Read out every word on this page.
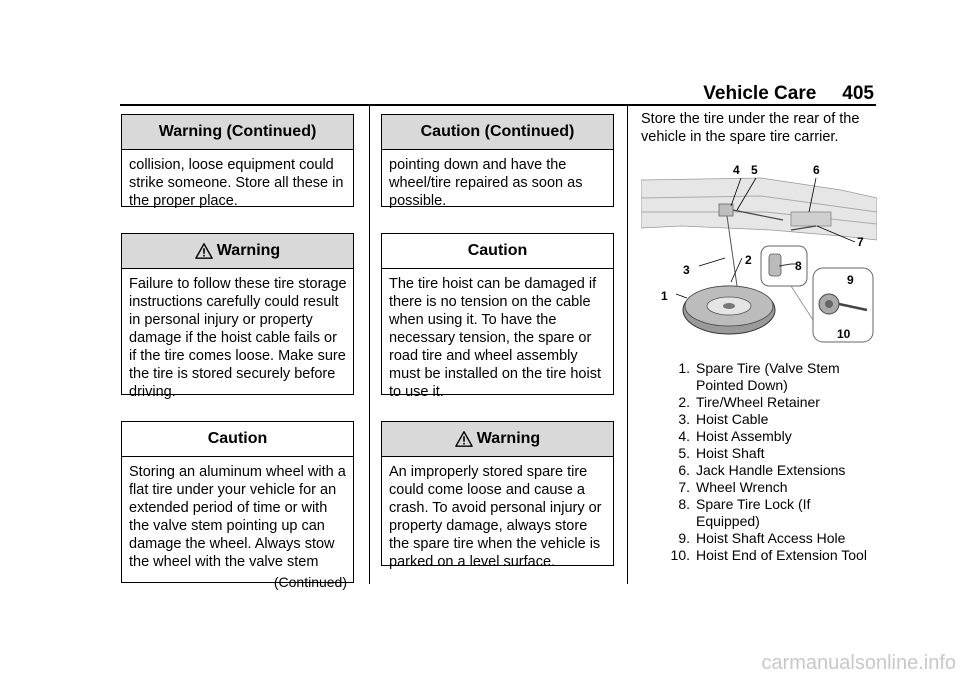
Vehicle Care 405
Warning (Continued)
collision, loose equipment could strike someone. Store all these in the proper place.
Warning
Failure to follow these tire storage instructions carefully could result in personal injury or property damage if the hoist cable fails or if the tire comes loose. Make sure the tire is stored securely before driving.
Caution
Storing an aluminum wheel with a flat tire under your vehicle for an extended period of time or with the valve stem pointing up can damage the wheel. Always stow the wheel with the valve stem
(Continued)
Caution (Continued)
pointing down and have the wheel/tire repaired as soon as possible.
Caution
The tire hoist can be damaged if there is no tension on the cable when using it. To have the necessary tension, the spare or road tire and wheel assembly must be installed on the tire hoist to use it.
Warning
An improperly stored spare tire could come loose and cause a crash. To avoid personal injury or property damage, always store the spare tire when the vehicle is parked on a level surface.
Store the tire under the rear of the vehicle in the spare tire carrier.
1
2
3
4 5	6
7
8
9
10
1. Spare Tire (Valve Stem Pointed Down)
2. Tire/Wheel Retainer
3. Hoist Cable
4. Hoist Assembly
5. Hoist Shaft
6. Jack Handle Extensions
7. Wheel Wrench
8. Spare Tire Lock (If Equipped)
9. Hoist Shaft Access Hole
10. Hoist End of Extension Tool
carmanualsonline.info
